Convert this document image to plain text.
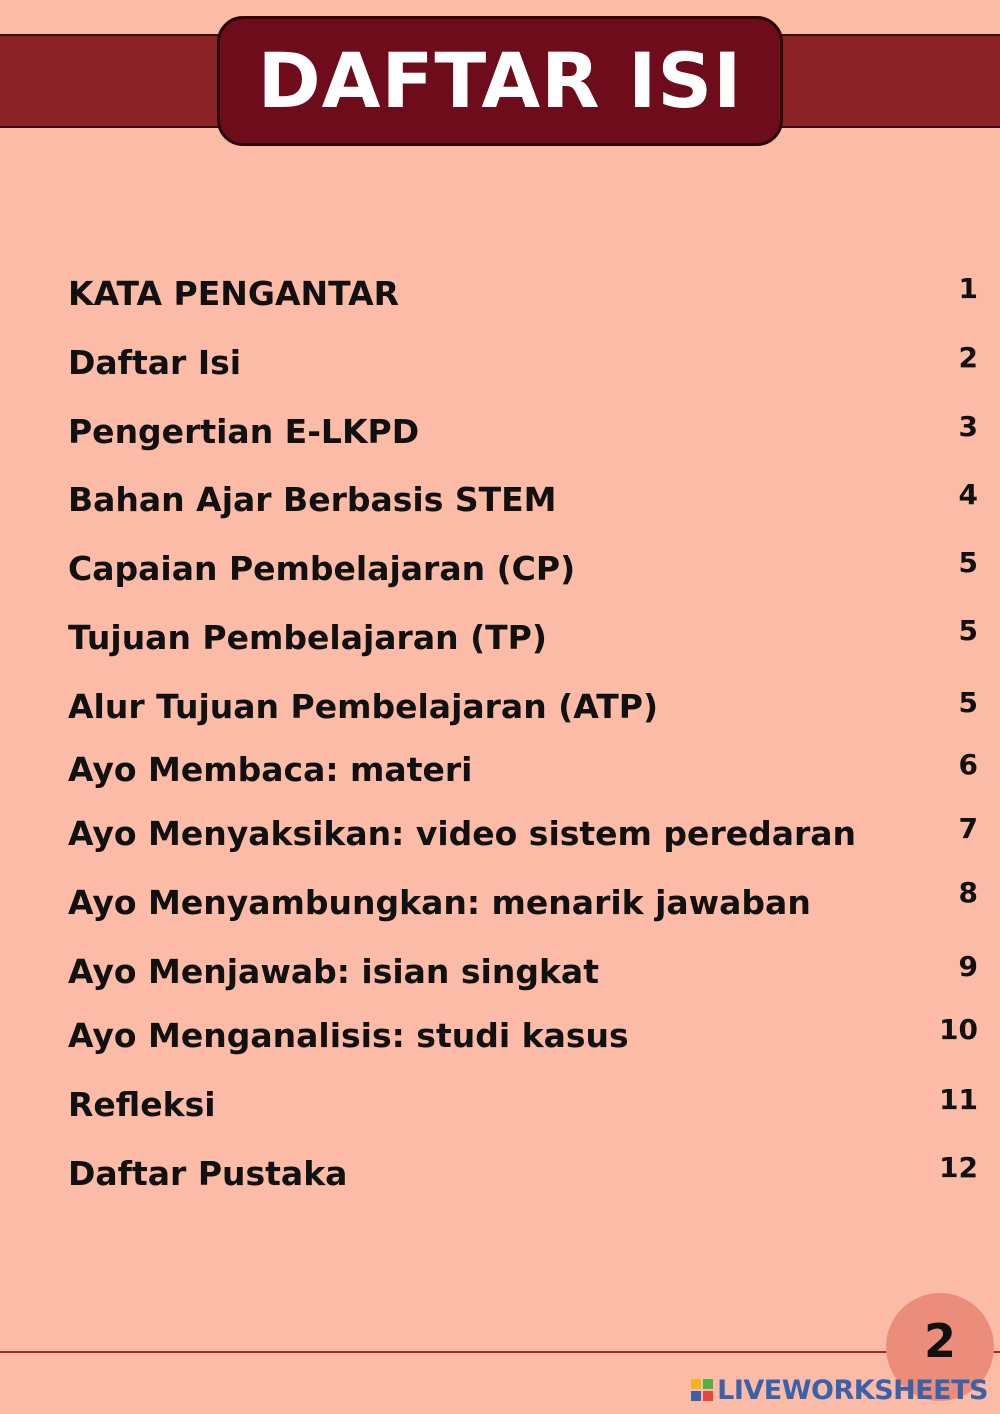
DAFTAR ISI
KATA PENGANTAR	1
Daftar Isi	2
Pengertian E-LKPD	3
Bahan Ajar Berbasis STEM	4
Capaian Pembelajaran (CP)	5
Tujuan Pembelajaran (TP)	5
Alur Tujuan Pembelajaran (ATP)	5
Ayo Membaca: materi	6
Ayo Menyaksikan: video sistem peredaran	7
Ayo Menyambungkan: menarik jawaban	8
Ayo Menjawab: isian singkat	9
Ayo Menganalisis: studi kasus	10
Refleksi	11
Daftar Pustaka	12
2
LIVEWORKSHEETS
